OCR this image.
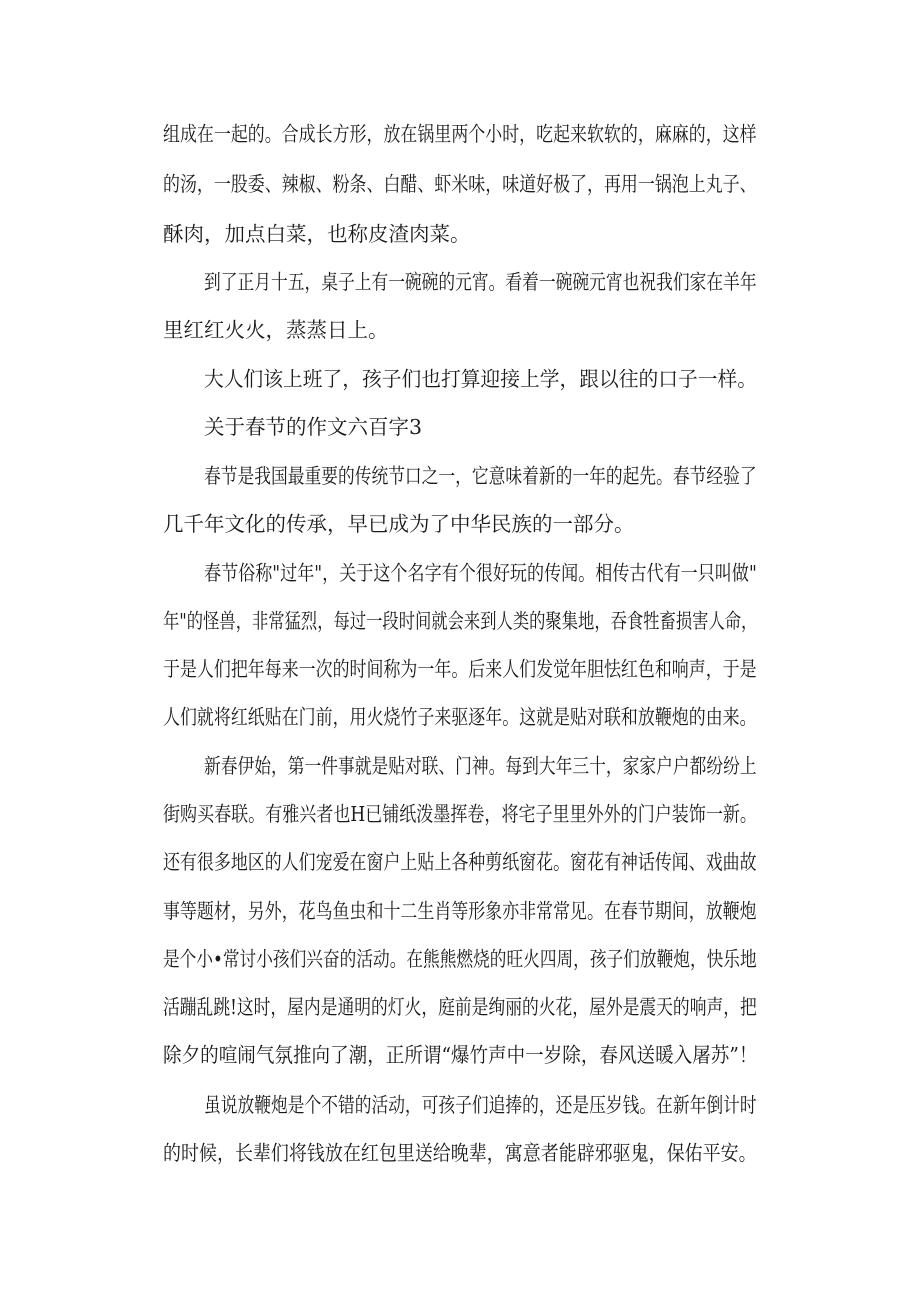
组成在一起的。合成长方形，放在锅里两个小时，吃起来软软的，麻麻的，这样
的汤，一股委、辣椒、粉条、白醋、虾米味，味道好极了，再用一锅泡上丸子、
酥肉，加点白菜，也称皮渣肉菜。
到了正月十五，桌子上有一碗碗的元宵。看着一碗碗元宵也祝我们家在羊年
里红红火火，蒸蒸日上。
大人们该上班了，孩子们也打算迎接上学，跟以往的口子一样。
关于春节的作文六百字3
春节是我国最重要的传统节口之一，它意味着新的一年的起先。春节经验了
几千年文化的传承，早已成为了中华民族的一部分。
春节俗称"过年"，关于这个名字有个很好玩的传闻。相传古代有一只叫做"
年"的怪兽，非常猛烈，每过一段时间就会来到人类的聚集地，吞食牲畜损害人命，
于是人们把年每来一次的时间称为一年。后来人们发觉年胆怯红色和响声，于是
人们就将红纸贴在门前，用火烧竹子来驱逐年。这就是贴对联和放鞭炮的由来。
新春伊始，第一件事就是贴对联、门神。每到大年三十，家家户户都纷纷上
街购买春联。有雅兴者也H已铺纸泼墨挥卷，将宅子里里外外的门户装饰一新。
还有很多地区的人们宠爱在窗户上贴上各种剪纸窗花。窗花有神话传闻、戏曲故
事等题材，另外，花鸟鱼虫和十二生肖等形象亦非常常见。在春节期间，放鞭炮
是个小•常讨小孩们兴奋的活动。在熊熊燃烧的旺火四周，孩子们放鞭炮，快乐地
活蹦乱跳!这时，屋内是通明的灯火，庭前是绚丽的火花，屋外是震天的响声，把
除夕的喧闹气氛推向了潮，正所谓“爆竹声中一岁除，春风送暖入屠苏”！
虽说放鞭炮是个不错的活动，可孩子们追捧的，还是压岁钱。在新年倒计时
的时候，长辈们将钱放在红包里送给晚辈，寓意者能辟邪驱鬼，保佑平安。
